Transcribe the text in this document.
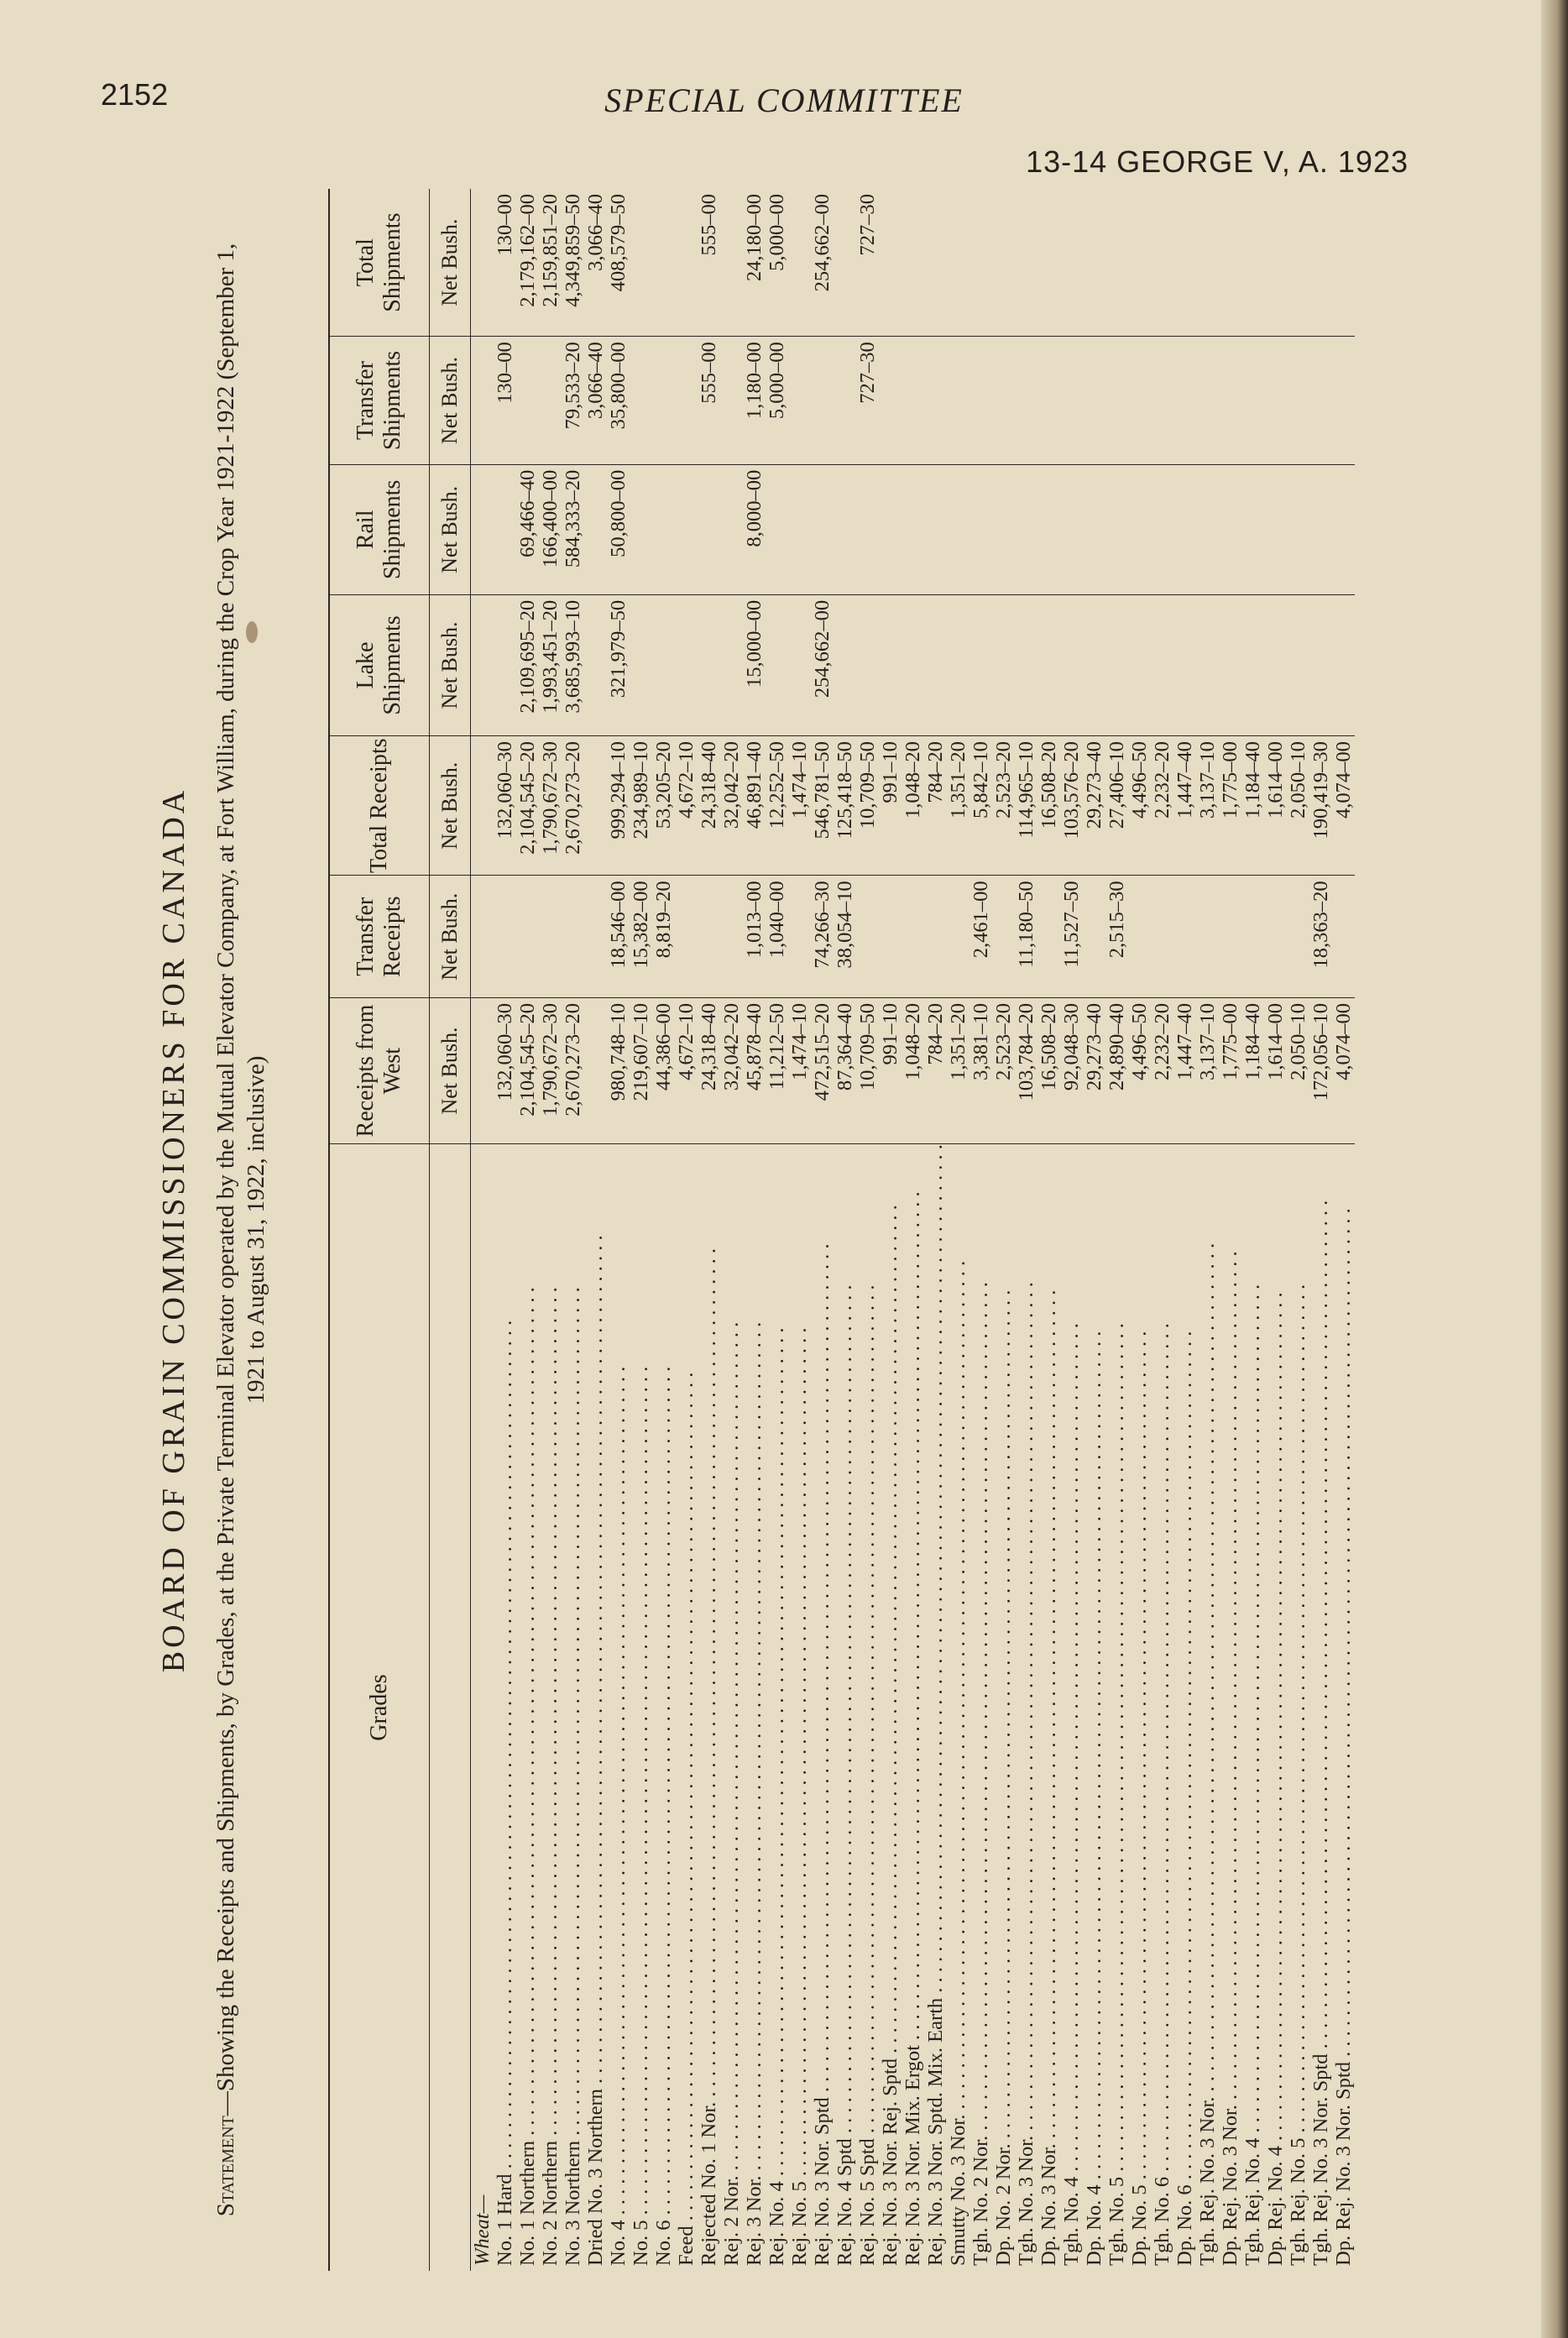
2152	SPECIAL COMMITTEE
13-14 GEORGE V, A. 1923
BOARD OF GRAIN COMMISSIONERS FOR CANADA
Statement—Showing the Receipts and Shipments, by Grades, at the Private Terminal Elevator operated by the Mutual Elevator Company, at Fort William, during the Crop Year 1921-1922 (September 1, 1921 to August 31, 1922, inclusive)
Grades	Receipts from West	Transfer Receipts	Total Receipts	Lake Shipments	Rail Shipments	Transfer Shipments	Total Shipments
	Net Bush.	Net Bush.	Net Bush.	Net Bush.	Net Bush.	Net Bush.	Net Bush.
Wheat—							

No. 1 Hard . . .	132,060–30		132,060–30			130–00	130–00

No. 1 Northern . . .	2,104,545–20		2,104,545–20	2,109,695–20	69,466–40		2,179,162–00

No. 2 Northern . . .	1,790,672–30		1,790,672–30	1,993,451–20	166,400–00		2,159,851–20

No. 3 Northern . . .	2,670,273–20		2,670,273–20	3,685,993–10	584,333–20	79,533–20	4,349,859–50

Dried No. 3 Northern . . .						3,066–40	3,066–40

No. 4 . . .	980,748–10	18,546–00	999,294–10	321,979–50	50,800–00	35,800–00	408,579–50

No. 5 . . .	219,607–10	15,382–00	234,989–10				

No. 6 . . .	44,386–00	8,819–20	53,205–20				

Feed . . .	4,672–10		4,672–10				

Rejected No. 1 Nor. . . .	24,318–40		24,318–40			555–00	555–00

Rej. 2 Nor. . . .	32,042–20		32,042–20				

Rej. 3 Nor. . . .	45,878–40	1,013–00	46,891–40	15,000–00	8,000–00	1,180–00	24,180–00

Rej. No. 4 . . .	11,212–50	1,040–00	12,252–50			5,000–00	5,000–00

Rej. No. 5 . . .	1,474–10		1,474–10				

Rej. No. 3 Nor. Sptd . . .	472,515–20	74,266–30	546,781–50	254,662–00			254,662–00

Rej. No. 4 Sptd . . .	87,364–40	38,054–10	125,418–50				

Rej. No. 5 Sptd . . .	10,709–50		10,709–50			727–30	727–30

Rej. No. 3 Nor. Rej. Sptd . . .	991–10		991–10				

Rej. No. 3 Nor. Mix. Ergot . . .	1,048–20		1,048–20				

Rej. No. 3 Nor. Sptd. Mix. Earth . . .	784–20		784–20				

Smutty No. 3 Nor. . . .	1,351–20		1,351–20				

Tgh. No. 2 Nor. . . .	3,381–10	2,461–00	5,842–10				

Dp. No. 2 Nor. . . .	2,523–20		2,523–20				

Tgh. No. 3 Nor. . . .	103,784–20	11,180–50	114,965–10				

Dp. No. 3 Nor. . . .	16,508–20		16,508–20				

Tgh. No. 4 . . .	92,048–30	11,527–50	103,576–20				

Dp. No. 4 . . .	29,273–40		29,273–40				

Tgh. No. 5 . . .	24,890–40	2,515–30	27,406–10				

Dp. No. 5 . . .	4,496–50		4,496–50				

Tgh. No. 6 . . .	2,232–20		2,232–20				

Dp. No. 6 . . .	1,447–40		1,447–40				

Tgh. Rej. No. 3 Nor. . . .	3,137–10		3,137–10				

Dp. Rej. No. 3 Nor. . . .	1,775–00		1,775–00				

Tgh. Rej. No. 4 . . .	1,184–40		1,184–40				

Dp. Rej. No. 4 . . .	1,614–00		1,614–00				

Tgh. Rej. No. 5 . . .	2,050–10		2,050–10				

Tgh. Rej. No. 3 Nor. Sptd . . .	172,056–10	18,363–20	190,419–30				

Dp. Rej. No. 3 Nor. Sptd . . .	4,074–00		4,074–00				
